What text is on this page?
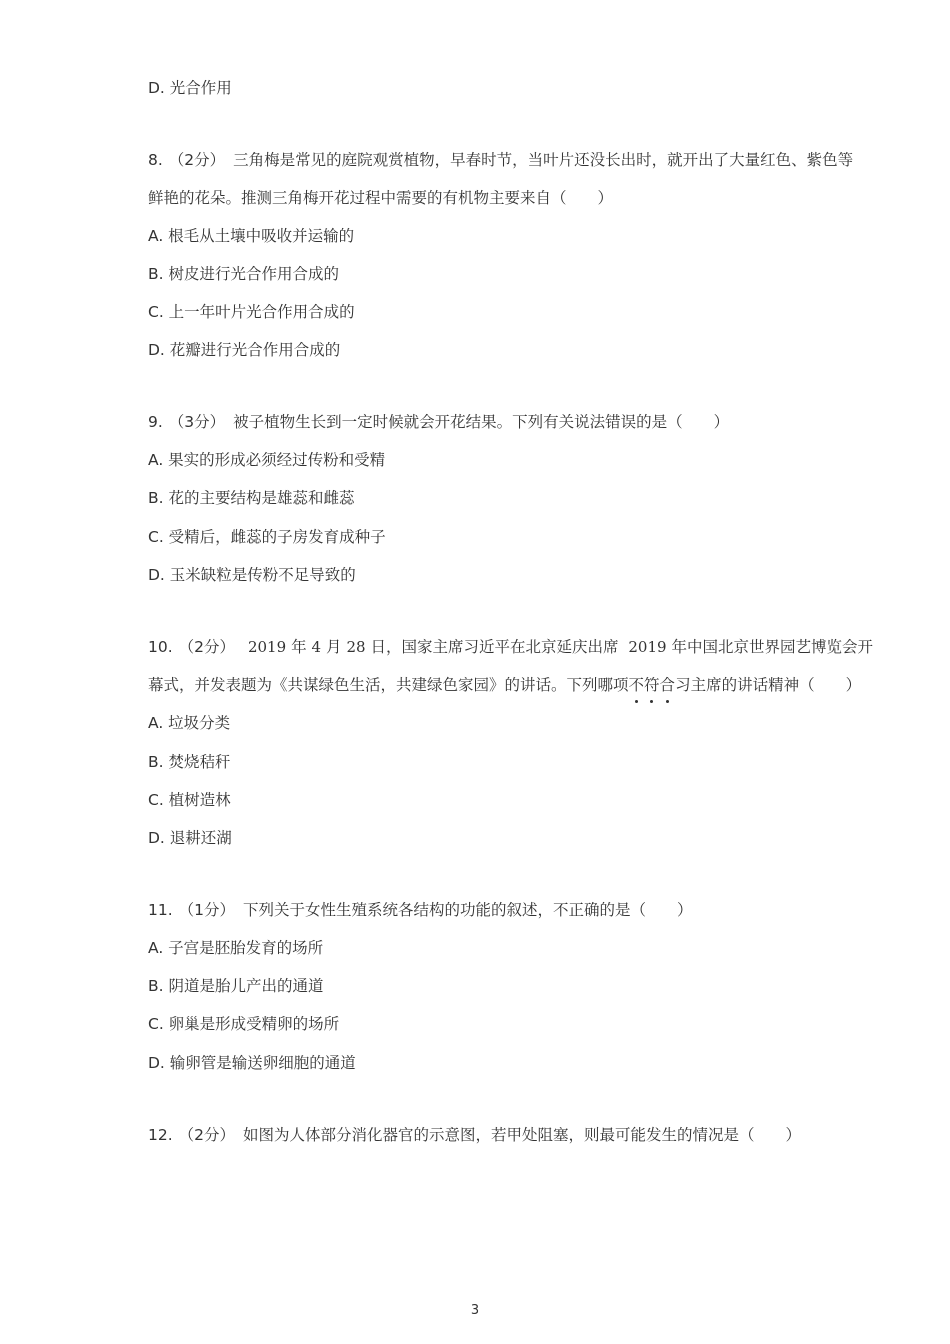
D. 光合作用
8. （2分） 三角梅是常见的庭院观赏植物，早春时节，当叶片还没长出时，就开出了大量红色、紫色等
鲜艳的花朵。推测三角梅开花过程中需要的有机物主要来自（　　）
A. 根毛从土壤中吸收并运输的
B. 树皮进行光合作用合成的
C. 上一年叶片光合作用合成的
D. 花瓣进行光合作用合成的
9. （3分） 被子植物生长到一定时候就会开花结果。下列有关说法错误的是（　　）
A. 果实的形成必须经过传粉和受精
B. 花的主要结构是雄蕊和雌蕊
C. 受精后，雌蕊的子房发育成种子
D. 玉米缺粒是传粉不足导致的
10. （2分） 2019 年 4 月 28 日，国家主席习近平在北京延庆出席 2019 年中国北京世界园艺博览会开
幕式，并发表题为《共谋绿色生活，共建绿色家园》的讲话。下列哪项不
符
合
习主席的讲话精神（　　）
A. 垃圾分类
B. 焚烧秸秆
C. 植树造林
D. 退耕还湖
11. （1分） 下列关于女性生殖系统各结构的功能的叙述，不正确的是（　　）
A. 子宫是胚胎发育的场所
B. 阴道是胎儿产出的通道
C. 卵巢是形成受精卵的场所
D. 输卵管是输送卵细胞的通道
12. （2分） 如图为人体部分消化器官的示意图，若甲处阻塞，则最可能发生的情况是（　　）
3
